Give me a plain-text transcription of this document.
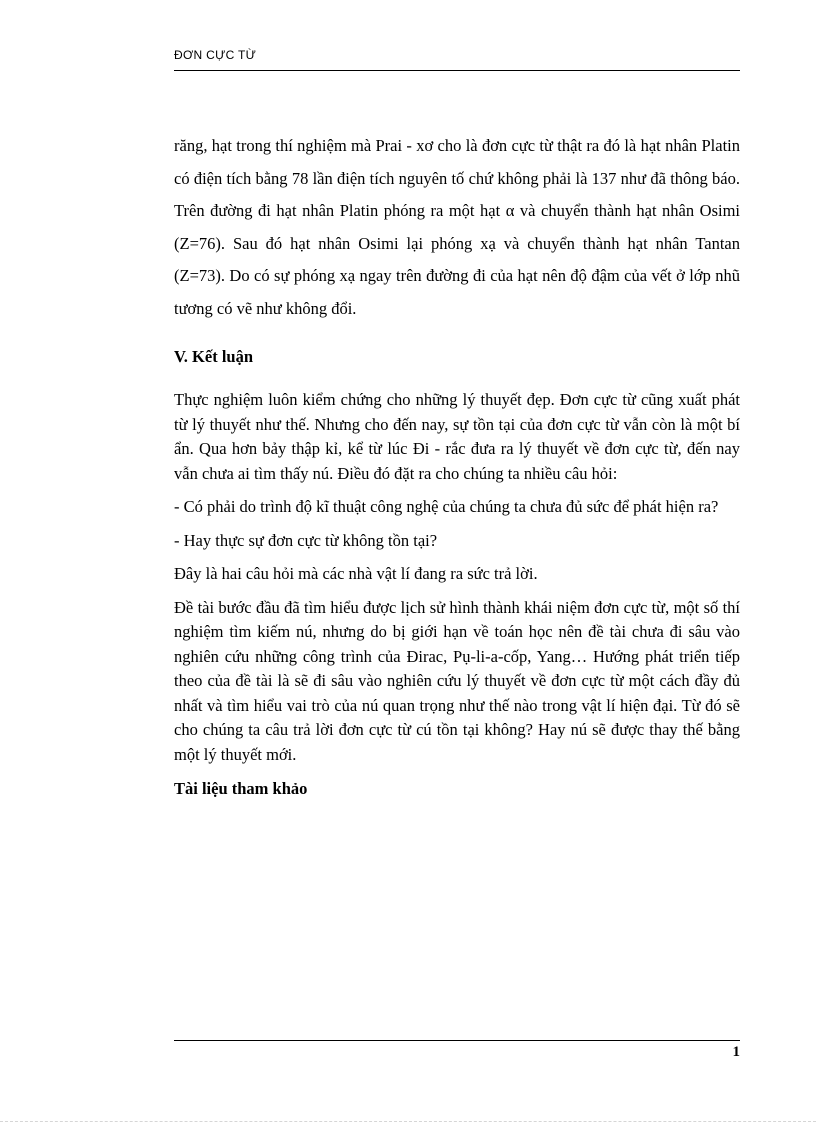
ĐƠN CỰC TỪ

răng, hạt trong thí nghiệm mà Prai - xơ cho là đơn cực từ thật ra đó là hạt nhân Platin có điện tích bằng 78 lần điện tích nguyên tố chứ không phải là 137 như đã thông báo. Trên đường đi hạt nhân Platin phóng ra một hạt α và chuyển thành hạt nhân Osimi (Z=76). Sau đó hạt nhân Osimi lại phóng xạ và chuyển thành hạt nhân Tantan (Z=73). Do có sự phóng xạ ngay trên đường đi của hạt nên độ đậm của vết ở lớp nhũ tương có vẽ như không đổi.

V. Kết luận

Thực nghiệm luôn kiểm chứng cho những lý thuyết đẹp. Đơn cực từ cũng xuất phát từ lý thuyết như thế. Nhưng cho đến nay, sự tồn tại của đơn cực từ vẫn còn là một bí ẩn. Qua hơn bảy thập kỉ, kể từ lúc Đi - rắc đưa ra lý thuyết về đơn cực từ, đến nay vẫn chưa ai tìm thấy nú. Điều đó đặt ra cho chúng ta nhiều câu hỏi:

- Có phải do trình độ kĩ thuật công nghệ của chúng ta chưa đủ sức để phát hiện ra?

- Hay thực sự đơn cực từ không tồn tại?

Đây là hai câu hỏi mà các nhà vật lí đang ra sức trả lời.

Đề tài bước đầu đã tìm hiểu được lịch sử hình thành khái niệm đơn cực từ, một số thí nghiệm tìm kiếm nú, nhưng do bị giới hạn về toán học nên đề tài chưa đi sâu vào nghiên cứu những công trình của Đirac, Pụ-li-a-cốp, Yang… Hướng phát triển tiếp theo của đề tài là sẽ đi sâu vào nghiên cứu lý thuyết về đơn cực từ một cách đầy đủ nhất và tìm hiểu vai trò của nú quan trọng như thế nào trong vật lí hiện đại. Từ đó sẽ cho chúng ta câu trả lời đơn cực từ cú tồn tại không? Hay nú sẽ được thay thế bằng một lý thuyết mới.

Tài liệu tham khảo
1
